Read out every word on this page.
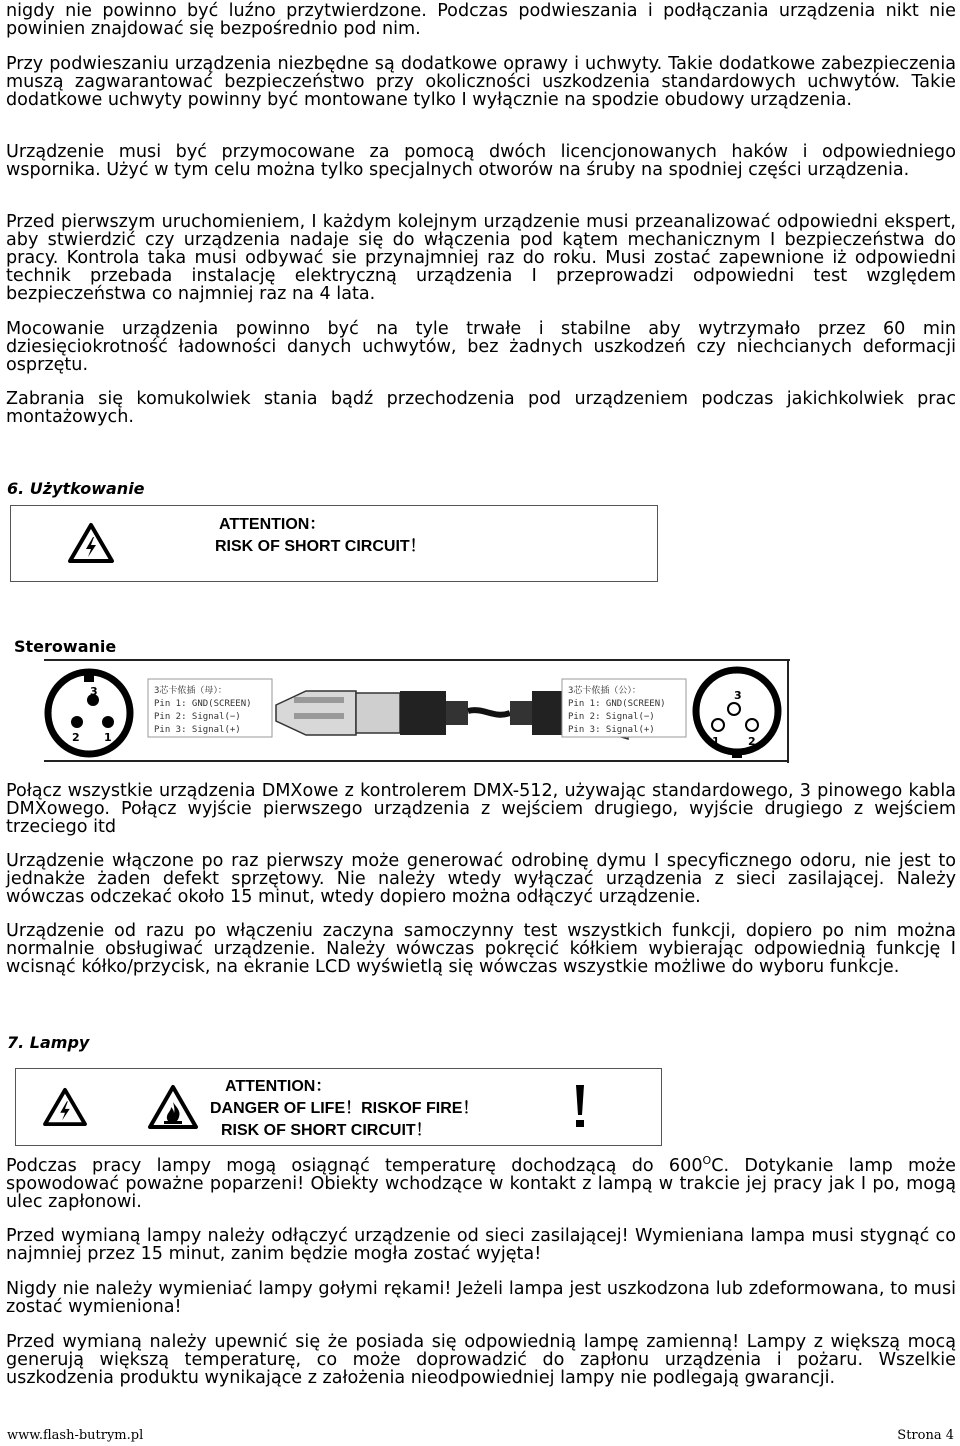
nigdy nie powinno być luźno przytwierdzone. Podczas podwieszania i podłączania urządzenia nikt nie powinien znajdować się bezpośrednio pod nim.

Przy podwieszaniu urządzenia niezbędne są dodatkowe oprawy i uchwyty. Takie dodatkowe zabezpieczenia muszą zagwarantować bezpieczeństwo przy okoliczności uszkodzenia standardowych uchwytów. Takie dodatkowe uchwyty powinny być montowane tylko I wyłącznie na spodzie obudowy urządzenia.

Urządzenie musi być przymocowane za pomocą dwóch licencjonowanych haków i odpowiedniego wspornika. Użyć w tym celu można tylko specjalnych otworów na śruby na spodniej części urządzenia.

Przed pierwszym uruchomieniem, I każdym kolejnym urządzenie musi przeanalizować odpowiedni ekspert, aby stwierdzić czy urządzenia nadaje się do włączenia pod kątem mechanicznym I bezpieczeństwa do pracy. Kontrola taka musi odbywać sie przynajmniej raz do roku. Musi zostać zapewnione iż odpowiedni technik przebada instalację elektryczną urządzenia I przeprowadzi odpowiedni test względem bezpieczeństwa co najmniej raz na 4 lata.

Mocowanie urządzenia powinno być na tyle trwałe i stabilne aby wytrzymało przez 60 min dziesięciokrotność ładowności danych uchwytów, bez żadnych uszkodzeń czy niechcianych deformacji osprzętu.

Zabrania się komukolwiek stania bądź przechodzenia pod urządzeniem podczas jakichkolwiek prac montażowych.

6. Użytkowanie

ATTENTION：
RISK OF SHORT CIRCUIT！
Sterowanie
3
2 1
3芯卡侬插（母）：
Pin 1: GND(SCREEN)
Pin 2: Signal(−)
Pin 3: Signal(+)
3芯卡侬插（公）：
Pin 1: GND(SCREEN)
Pin 2: Signal(−)
Pin 3: Signal(+)
3
1	2

Połącz wszystkie urządzenia DMXowe z kontrolerem DMX-512, używając standardowego, 3 pinowego kabla DMXowego. Połącz wyjście pierwszego urządzenia z wejściem drugiego, wyjście drugiego z wejściem trzeciego itd

Urządzenie włączone po raz pierwszy może generować odrobinę dymu I specyficznego odoru, nie jest to jednakże żaden defekt sprzętowy. Nie należy wtedy wyłączać urządzenia z sieci zasilającej. Należy wówczas odczekać około 15 minut, wtedy dopiero można odłączyć urządzenie.

Urządzenie od razu po włączeniu zaczyna samoczynny test wszystkich funkcji, dopiero po nim można normalnie obsługiwać urządzenie. Należy wówczas pokręcić kółkiem wybierając odpowiednią funkcję I wcisnąć kółko/przycisk, na ekranie LCD wyświetlą się wówczas wszystkie możliwe do wyboru funkcje.

7. Lampy

ATTENTION：
DANGER OF LIFE！RISKOF FIRE！
RISK OF SHORT CIRCUIT！

Podczas pracy lampy mogą osiągnąć temperaturę dochodzącą do $600^OC$. Dotykanie lamp może spowodować poważne poparzeni! Obiekty wchodzące w kontakt z lampą w trakcie jej pracy jak I po, mogą ulec zapłonowi.

Przed wymianą lampy należy odłączyć urządzenie od sieci zasilającej! Wymieniana lampa musi stygnąć co najmniej przez 15 minut, zanim będzie mogła zostać wyjęta!

Nigdy nie należy wymieniać lampy gołymi rękami! Jeżeli lampa jest uszkodzona lub zdeformowana, to musi zostać wymieniona!

Przed wymianą należy upewnić się że posiada się odpowiednią lampę zamienną! Lampy z większą mocą generują większą temperaturę, co może doprowadzić do zapłonu urządzenia i pożaru. Wszelkie uszkodzenia produktu wynikające z założenia nieodpowiedniej lampy nie podlegają gwarancji.

www.flash-butrym.pl	Strona 4
